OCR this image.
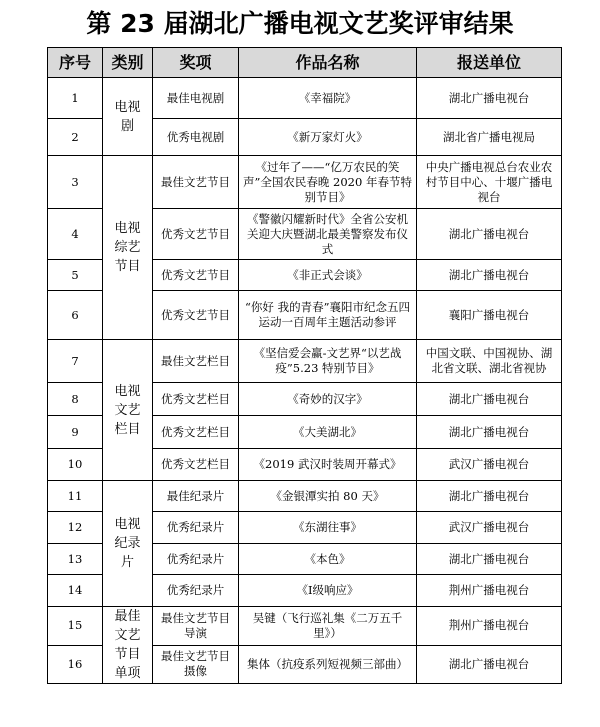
第 23 届湖北广播电视文艺奖评审结果
序号	类别	奖项	作品名称	报送单位
1	电视剧	最佳电视剧	《幸福院》	湖北广播电视台
2		优秀电视剧	《新万家灯火》	湖北省广播电视局
3	电视综艺节目	最佳文艺节目	《过年了——“亿万农民的笑声”全国农民春晚 2020 年春节特别节目》	中央广播电视总台农业农村节目中心、十堰广播电视台
4		优秀文艺节目	《警徽闪耀新时代》全省公安机关迎大庆暨湖北最美警察发布仪式	湖北广播电视台
5		优秀文艺节目	《非正式会谈》	湖北广播电视台
6		优秀文艺节目	“你好 我的青春”襄阳市纪念五四运动一百周年主题活动参评	襄阳广播电视台
7	电视文艺栏目	最佳文艺栏目	《坚信爱会赢-文艺界“以艺战疫”5.23 特别节目》	中国文联、中国视协、湖北省文联、湖北省视协
8		优秀文艺栏目	《奇妙的汉字》	湖北广播电视台
9		优秀文艺栏目	《大美湖北》	湖北广播电视台
10		优秀文艺栏目	《2019 武汉时装周开幕式》	武汉广播电视台
11	电视纪录片	最佳纪录片	《金银潭实拍 80 天》	湖北广播电视台
12		优秀纪录片	《东湖往事》	武汉广播电视台
13		优秀纪录片	《本色》	湖北广播电视台
14		优秀纪录片	《Ⅰ级响应》	荆州广播电视台
15	最佳文艺节目单项	最佳文艺节目导演	吴键（飞行巡礼集《二万五千里》）	荆州广播电视台
16		最佳文艺节目摄像	集体（抗疫系列短视频三部曲）	湖北广播电视台
